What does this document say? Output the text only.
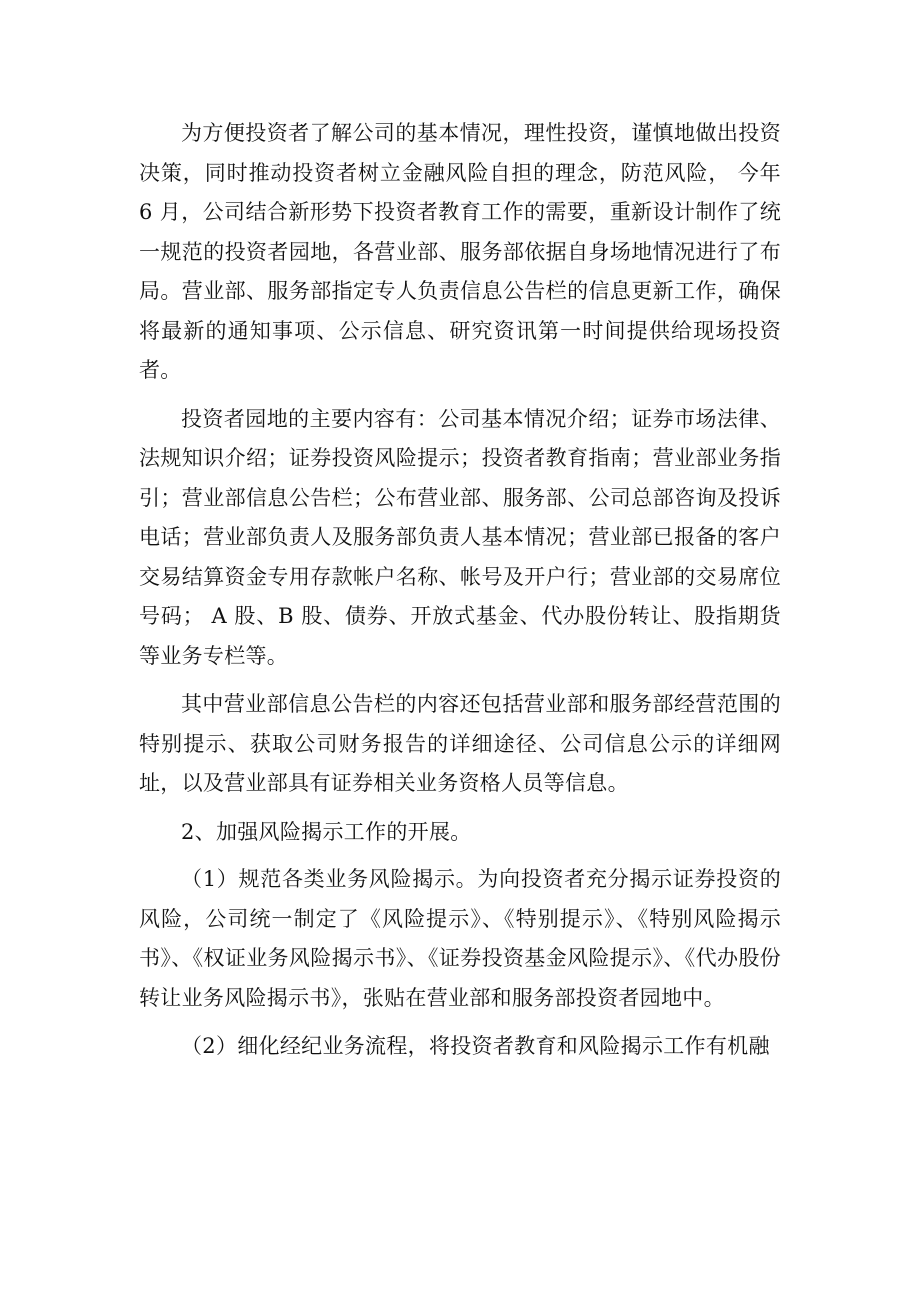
为方便投资者了解公司的基本情况，理性投资，谨慎地做出投资决策，同时推动投资者树立金融风险自担的理念，防范风险， 今年 6 月，公司结合新形势下投资者教育工作的需要，重新设计制作了统一规范的投资者园地，各营业部、服务部依据自身场地情况进行了布局。营业部、服务部指定专人负责信息公告栏的信息更新工作，确保将最新的通知事项、公示信息、研究资讯第一时间提供给现场投资者。

投资者园地的主要内容有：公司基本情况介绍；证券市场法律、法规知识介绍；证券投资风险提示；投资者教育指南；营业部业务指引；营业部信息公告栏；公布营业部、服务部、公司总部咨询及投诉电话；营业部负责人及服务部负责人基本情况；营业部已报备的客户交易结算资金专用存款帐户名称、帐号及开户行；营业部的交易席位号码； A 股、B 股、债券、开放式基金、代办股份转让、股指期货等业务专栏等。

其中营业部信息公告栏的内容还包括营业部和服务部经营范围的特别提示、获取公司财务报告的详细途径、公司信息公示的详细网址，以及营业部具有证券相关业务资格人员等信息。

2、加强风险揭示工作的开展。

（1）规范各类业务风险揭示。为向投资者充分揭示证券投资的风险，公司统一制定了《风险提示》、《特别提示》、《特别风险揭示书》、《权证业务风险揭示书》、《证券投资基金风险提示》、《代办股份转让业务风险揭示书》，张贴在营业部和服务部投资者园地中。

（2）细化经纪业务流程，将投资者教育和风险揭示工作有机融
